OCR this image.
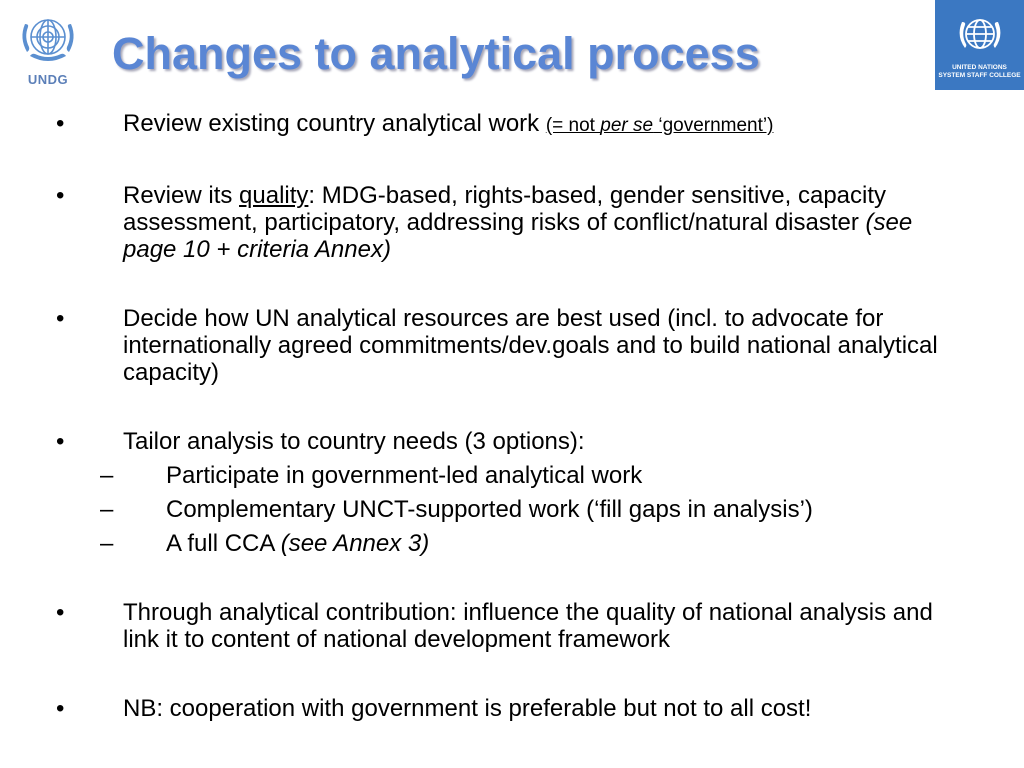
UNDG
Changes to analytical process	UNITED NATIONS
SYSTEM STAFF COLLEGE
• Review existing country analytical work (= not per se ‘government’)
• Review its quality: MDG-based, rights-based, gender sensitive, capacity assessment, participatory, addressing risks of conflict/natural disaster (see page 10 + criteria Annex)
• Decide how UN analytical resources are best used (incl. to advocate for internationally agreed commitments/dev.goals and to build national analytical capacity)
• Tailor analysis to country needs (3 options):
– Participate in government-led analytical work
– Complementary UNCT-supported work (‘fill gaps in analysis’)
– A full CCA (see Annex 3)
• Through analytical contribution: influence the quality of national analysis and link it to content of national development framework
• NB: cooperation with government is preferable but not to all cost!
